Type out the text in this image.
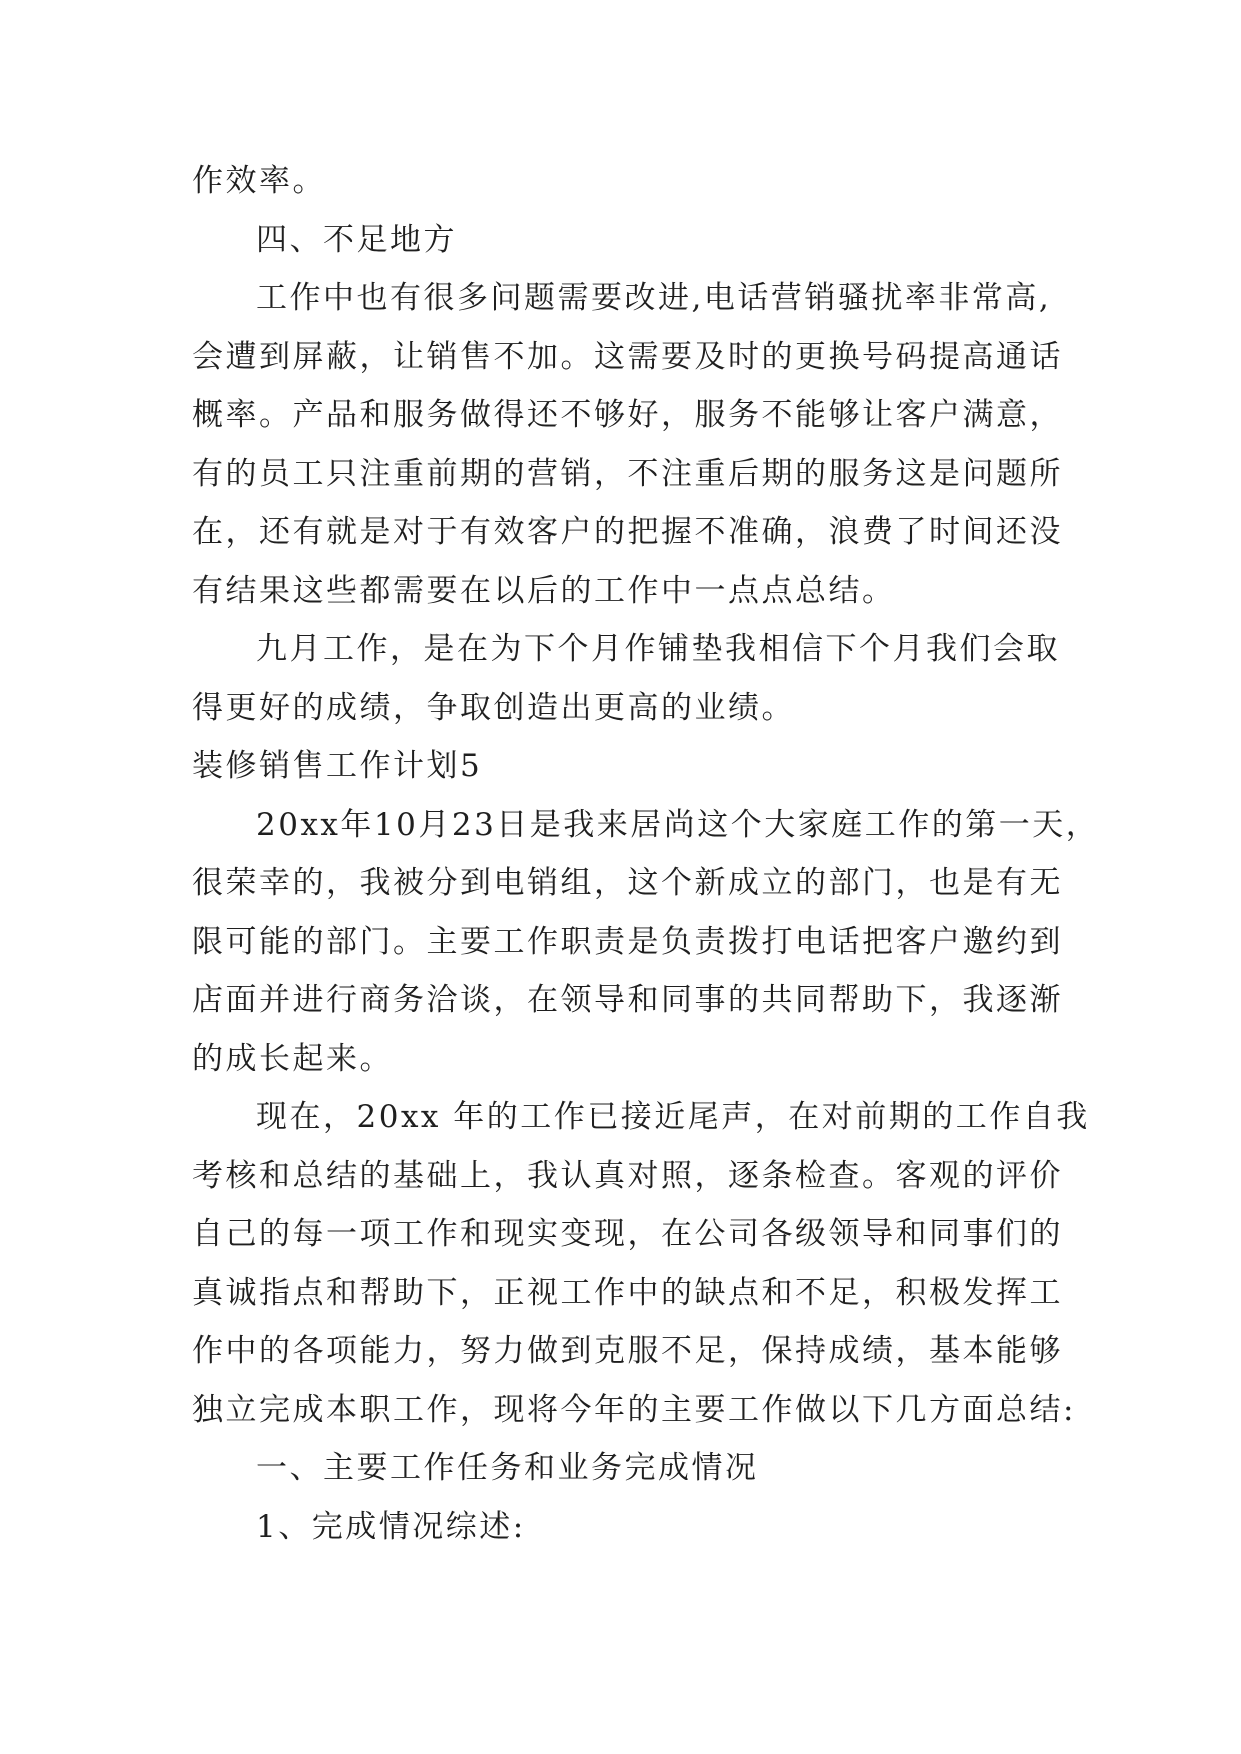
作效率。
四、不足地方
工作中也有很多问题需要改进,电话营销骚扰率非常高,
会遭到屏蔽，让销售不加。这需要及时的更换号码提高通话
概率。产品和服务做得还不够好，服务不能够让客户满意，
有的员工只注重前期的营销，不注重后期的服务这是问题所
在，还有就是对于有效客户的把握不准确，浪费了时间还没
有结果这些都需要在以后的工作中一点点总结。
九月工作，是在为下个月作铺垫我相信下个月我们会取
得更好的成绩，争取创造出更高的业绩。
装修销售工作计划5
20xx年10月23日是我来居尚这个大家庭工作的第一天，
很荣幸的，我被分到电销组，这个新成立的部门，也是有无
限可能的部门。主要工作职责是负责拨打电话把客户邀约到
店面并进行商务洽谈，在领导和同事的共同帮助下，我逐渐
的成长起来。
现在，20xx 年的工作已接近尾声，在对前期的工作自我
考核和总结的基础上，我认真对照，逐条检查。客观的评价
自己的每一项工作和现实变现，在公司各级领导和同事们的
真诚指点和帮助下，正视工作中的缺点和不足，积极发挥工
作中的各项能力，努力做到克服不足，保持成绩，基本能够
独立完成本职工作，现将今年的主要工作做以下几方面总结:
一、主要工作任务和业务完成情况
1、完成情况综述:
